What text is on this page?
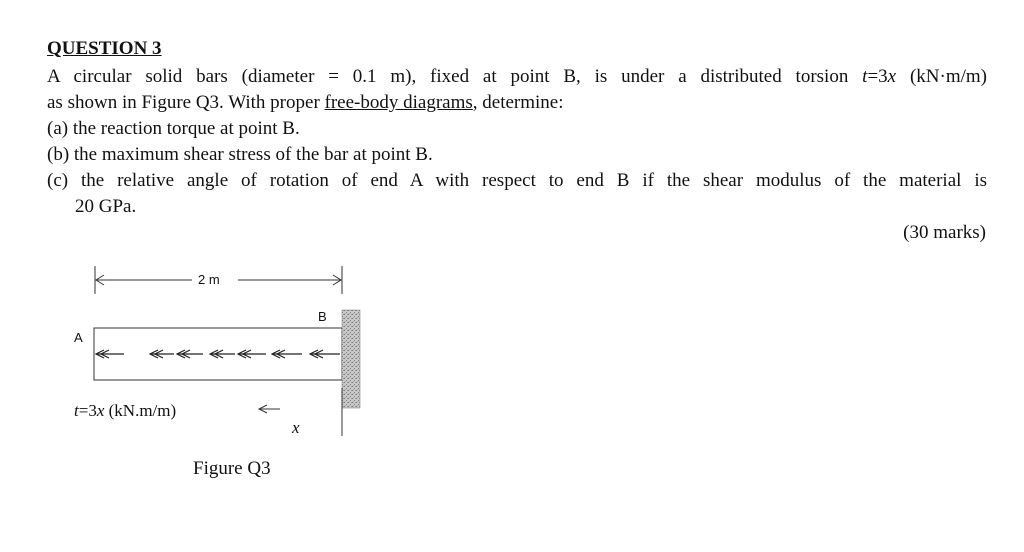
QUESTION 3
A circular solid bars (diameter = 0.1 m), fixed at point B, is under a distributed torsion t=3x (kN·m/m)
as shown in Figure Q3. With proper free-body diagrams, determine:
(a) the reaction torque at point B.
(b) the maximum shear stress of the bar at point B.
(c) the relative angle of rotation of end A with respect to end B if the shear modulus of the material is
20 GPa.
(30 marks)
2 m
B
A
t=3x (kN.m/m)
x
Figure Q3
